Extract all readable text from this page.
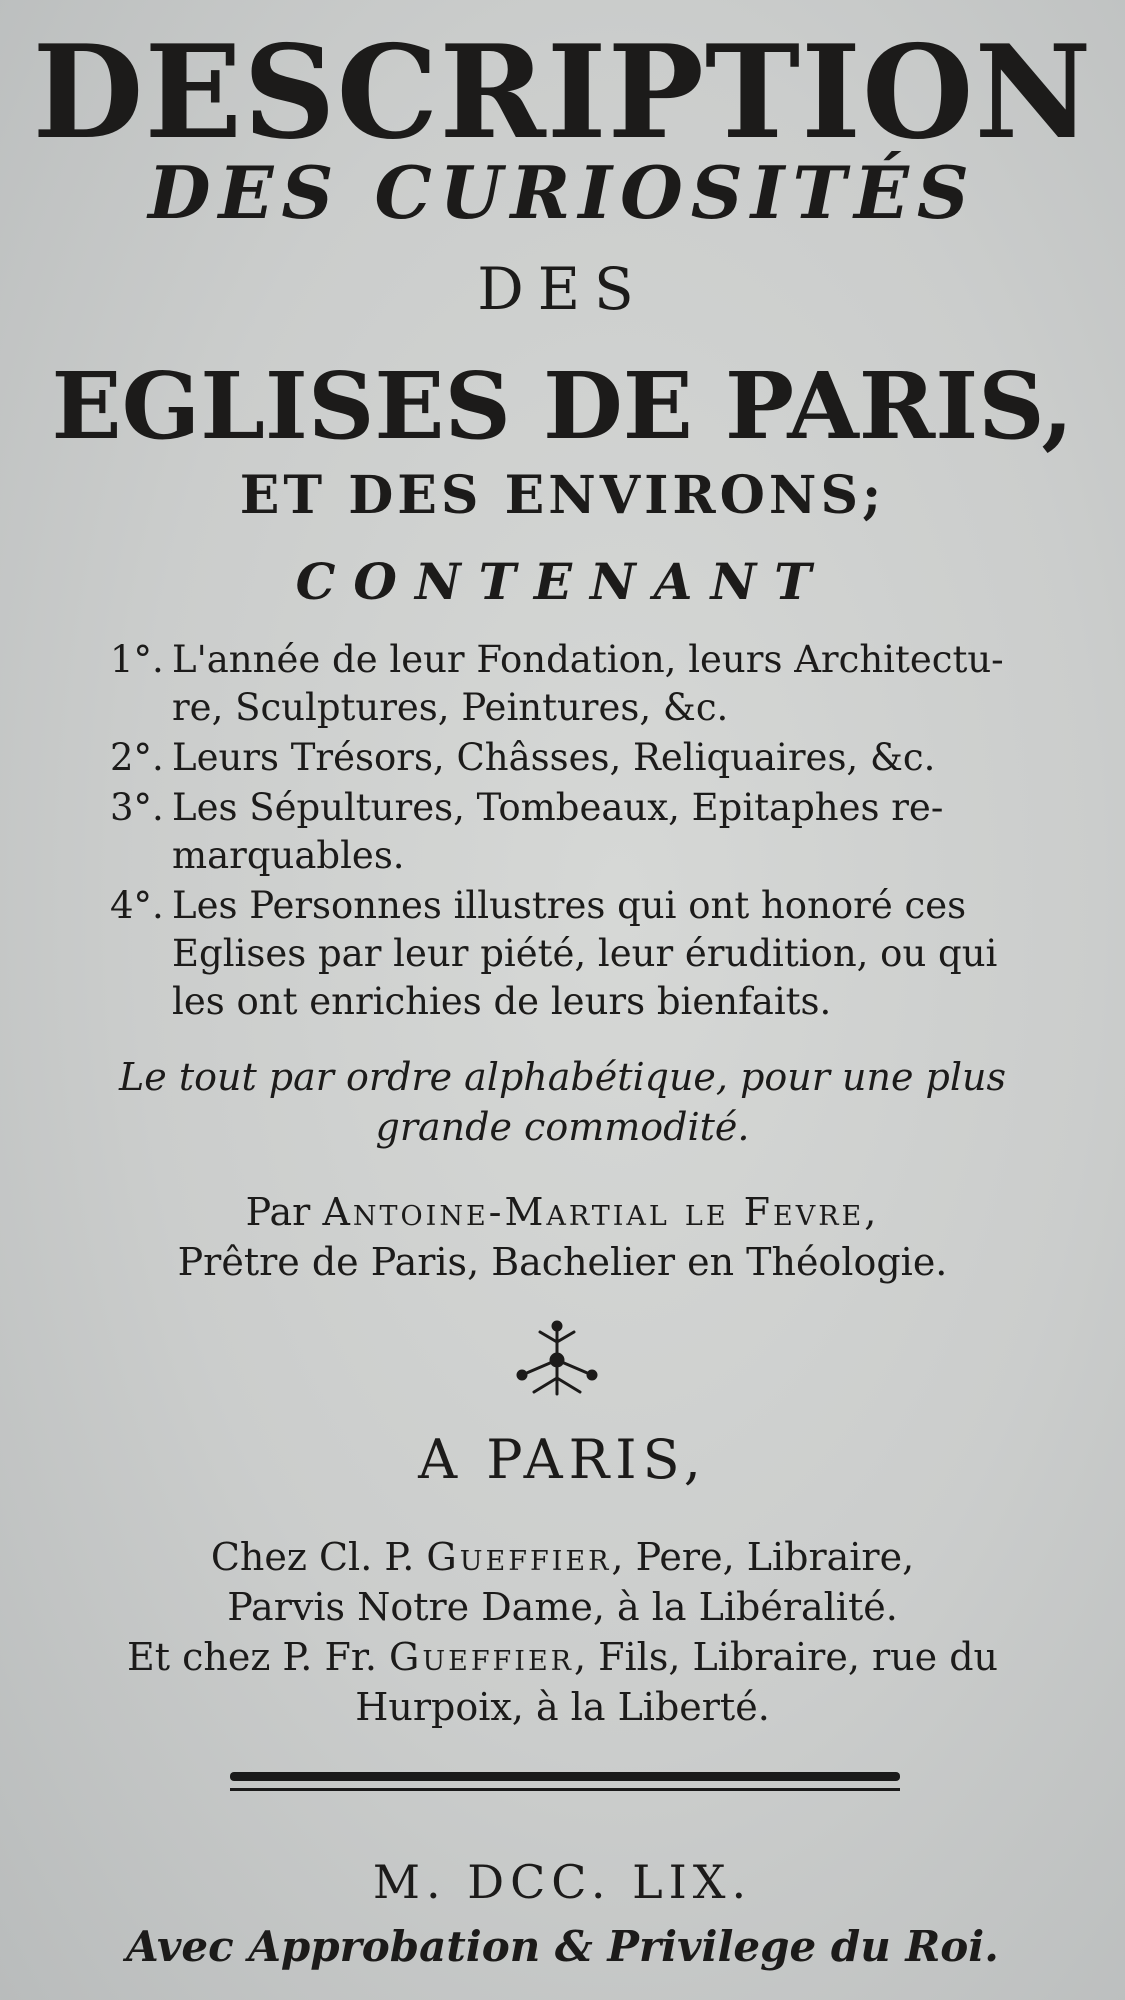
DESCRIPTION
DES CURIOSITÉS
DES
EGLISES DE PARIS,
ET DES ENVIRONS;
CONTENANT
1°. L'année de leur Fondation, leurs Architectu-
re, Sculptures, Peintures, &c.
2°. Leurs Trésors, Châsses, Reliquaires, &c.
3°. Les Sépultures, Tombeaux, Epitaphes re-
marquables.
4°. Les Personnes illustres qui ont honoré ces
Eglises par leur piété, leur érudition, ou qui
les ont enrichies de leurs bienfaits.
Le tout par ordre alphabétique, pour une plus
grande commodité.
Par Antoine-Martial le Fevre,
Prêtre de Paris, Bachelier en Théologie.
A PARIS,
Chez Cl. P. Gueffier, Pere, Libraire,
Parvis Notre Dame, à la Libéralité.
Et chez P. Fr. Gueffier, Fils, Libraire, rue du
Hurpoix, à la Liberté.
M. DCC. LIX.
Avec Approbation & Privilege du Roi.
